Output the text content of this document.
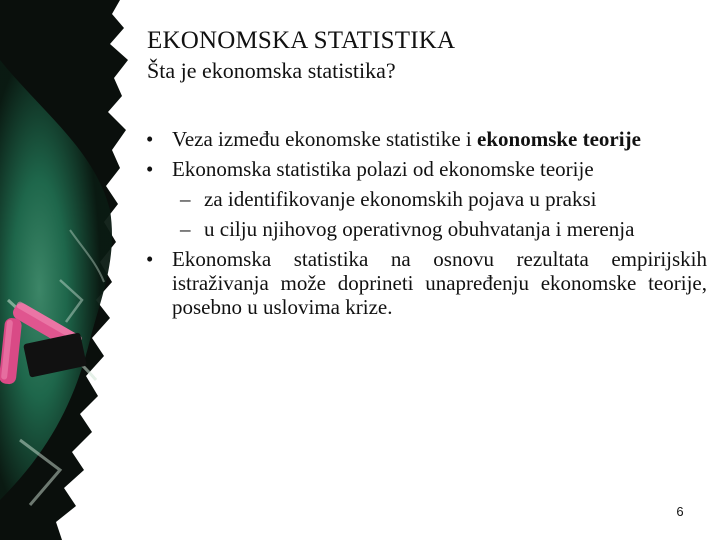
EKONOMSKA STATISTIKA
Šta je ekonomska statistika?
• Veza između ekonomske statistike i ekonomske teorije
• Ekonomska statistika polazi od ekonomske teorije
– za identifikovanje ekonomskih pojava u praksi
– u cilju njihovog operativnog obuhvatanja i merenja
• Ekonomska statistika na osnovu rezultata empirijskih istraživanja može doprineti unapređenju ekonomske teorije, posebno u uslovima krize.
6
